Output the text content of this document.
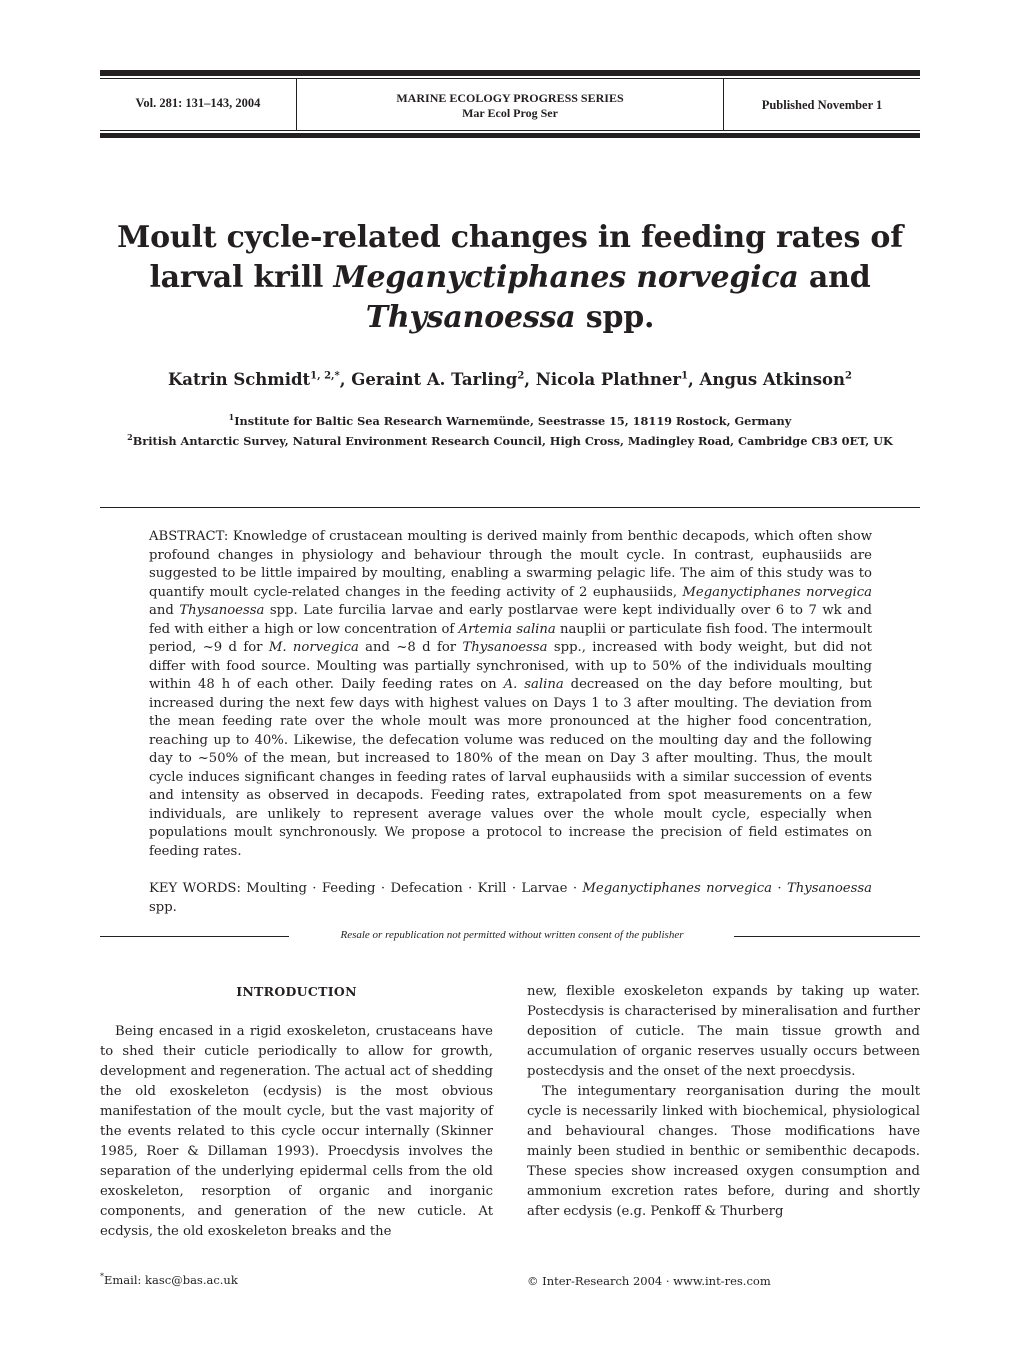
Vol. 281: 131–143, 2004	MARINE ECOLOGY PROGRESS SERIES
Mar Ecol Prog Ser
Published November 1
Moult cycle-related changes in feeding rates of
larval krill Meganyctiphanes norvegica and
Thysanoessa spp.
Katrin Schmidt$^{1, 2,*}$, Geraint A. Tarling$^2$, Nicola Plathner$^1$, Angus Atkinson$^2$
$^1$Institute for Baltic Sea Research Warnemünde, Seestrasse 15, 18119 Rostock, Germany
$^2$British Antarctic Survey, Natural Environment Research Council, High Cross, Madingley Road, Cambridge CB3 0ET, UK
ABSTRACT: Knowledge of crustacean moulting is derived mainly from benthic decapods, which often show profound changes in physiology and behaviour through the moult cycle. In contrast, euphausiids are suggested to be little impaired by moulting, enabling a swarming pelagic life. The aim of this study was to quantify moult cycle-related changes in the feeding activity of 2 euphausiids, Meganyctiphanes norvegica and Thysanoessa spp. Late furcilia larvae and early postlarvae were kept individually over 6 to 7 wk and fed with either a high or low concentration of Artemia salina nauplii or particulate fish food. The intermoult period, ~9 d for M. norvegica and ~8 d for Thysanoessa spp., increased with body weight, but did not differ with food source. Moulting was partially synchronised, with up to 50% of the individuals moulting within 48 h of each other. Daily feeding rates on A. salina decreased on the day before moulting, but increased during the next few days with highest values on Days 1 to 3 after moulting. The deviation from the mean feeding rate over the whole moult was more pronounced at the higher food concentration, reaching up to 40%. Likewise, the defecation volume was reduced on the moulting day and the following day to ~50% of the mean, but increased to 180% of the mean on Day 3 after moulting. Thus, the moult cycle induces significant changes in feeding rates of larval euphausiids with a similar succession of events and intensity as observed in decapods. Feeding rates, extrapolated from spot measurements on a few individuals, are unlikely to represent average values over the whole moult cycle, especially when populations moult synchronously. We propose a protocol to increase the precision of field estimates on feeding rates.
KEY WORDS: Moulting · Feeding · Defecation · Krill · Larvae · Meganyctiphanes norvegica · Thysanoessa spp.
Resale or republication not permitted without written consent of the publisher

INTRODUCTION

Being encased in a rigid exoskeleton, crustaceans have to shed their cuticle periodically to allow for growth, development and regeneration. The actual act of shedding the old exoskeleton (ecdysis) is the most obvious manifestation of the moult cycle, but the vast majority of the events related to this cycle occur internally (Skinner 1985, Roer & Dillaman 1993). Proecdysis involves the separation of the underlying epidermal cells from the old exoskeleton, resorption of organic and inorganic components, and generation of the new cuticle. At ecdysis, the old exoskeleton breaks and the

new, flexible exoskeleton expands by taking up water. Postecdysis is characterised by mineralisation and further deposition of cuticle. The main tissue growth and accumulation of organic reserves usually occurs between postecdysis and the onset of the next proecdysis.

The integumentary reorganisation during the moult cycle is necessarily linked with biochemical, physiological and behavioural changes. Those modifications have mainly been studied in benthic or semibenthic decapods. These species show increased oxygen consumption and ammonium excretion rates before, during and shortly after ecdysis (e.g. Penkoff & Thurberg

*Email: kasc@bas.ac.uk	© Inter-Research 2004 · www.int-res.com
